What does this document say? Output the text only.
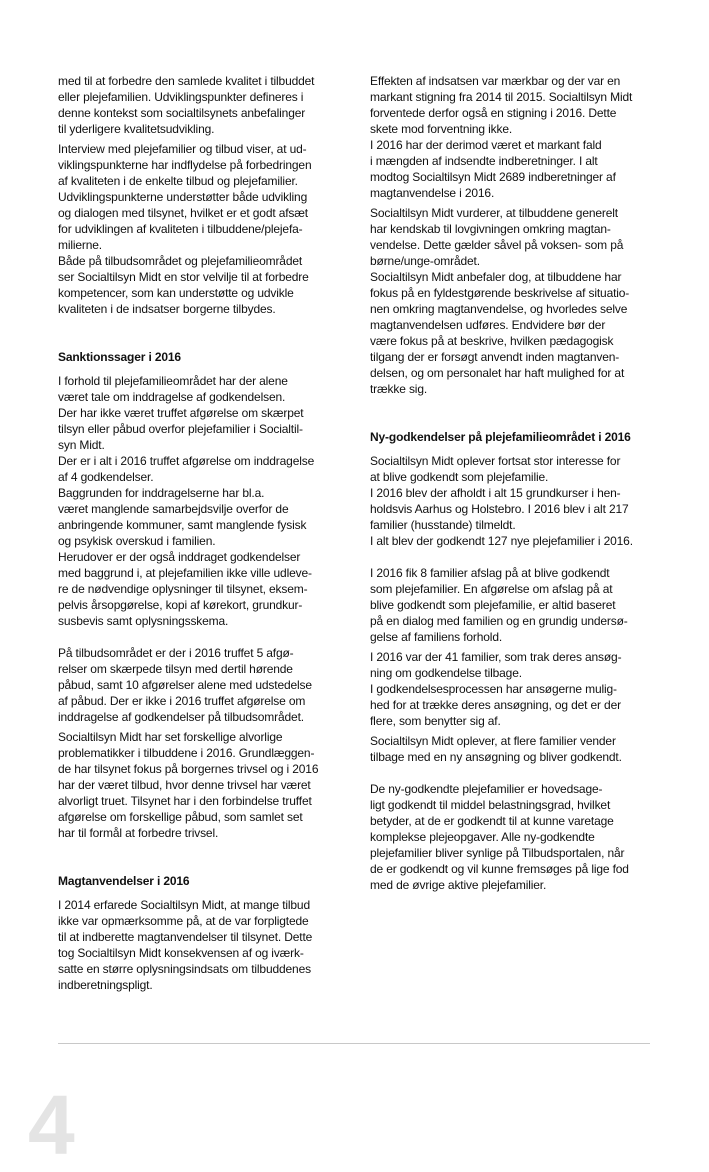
med til at forbedre den samlede kvalitet i tilbuddet
eller plejefamilien. Udviklingspunkter defineres i
denne kontekst som socialtilsynets anbefalinger
til yderligere kvalitetsudvikling.
Interview med plejefamilier og tilbud viser, at ud-
viklingspunkterne har indflydelse på forbedringen
af kvaliteten i de enkelte tilbud og plejefamilier.
Udviklingspunkterne understøtter både udvikling
og dialogen med tilsynet, hvilket er et godt afsæt
for udviklingen af kvaliteten i tilbuddene/plejefa-
milierne.
Både på tilbudsområdet og plejefamilieområdet
ser Socialtilsyn Midt en stor velvilje til at forbedre
kompetencer, som kan understøtte og udvikle
kvaliteten i de indsatser borgerne tilbydes.
Sanktionssager i 2016
I forhold til plejefamilieområdet har der alene
været tale om inddragelse af godkendelsen.
Der har ikke været truffet afgørelse om skærpet
tilsyn eller påbud overfor plejefamilier i Socialtil-
syn Midt.
Der er i alt i 2016 truffet afgørelse om inddragelse
af 4 godkendelser.
Baggrunden for inddragelserne har bl.a.
været manglende samarbejdsvilje overfor de
anbringende kommuner, samt manglende fysisk
og psykisk overskud i familien.
Herudover er der også inddraget godkendelser
med baggrund i, at plejefamilien ikke ville udleve-
re de nødvendige oplysninger til tilsynet, eksem-
pelvis årsopgørelse, kopi af kørekort, grundkur-
susbevis samt oplysningsskema.
På tilbudsområdet er der i 2016 truffet 5 afgø-
relser om skærpede tilsyn med dertil hørende
påbud, samt 10 afgørelser alene med udstedelse
af påbud. Der er ikke i 2016 truffet afgørelse om
inddragelse af godkendelser på tilbudsområdet.
Socialtilsyn Midt har set forskellige alvorlige
problematikker i tilbuddene i 2016. Grundlæggen-
de har tilsynet fokus på borgernes trivsel og i 2016
har der været tilbud, hvor denne trivsel har været
alvorligt truet. Tilsynet har i den forbindelse truffet
afgørelse om forskellige påbud, som samlet set
har til formål at forbedre trivsel.
Magtanvendelser i 2016
I 2014 erfarede Socialtilsyn Midt, at mange tilbud
ikke var opmærksomme på, at de var forpligtede
til at indberette magtanvendelser til tilsynet. Dette
tog Socialtilsyn Midt konsekvensen af og iværk-
satte en større oplysningsindsats om tilbuddenes
indberetningspligt.
Effekten af indsatsen var mærkbar og der var en
markant stigning fra 2014 til 2015. Socialtilsyn Midt
forventede derfor også en stigning i 2016. Dette
skete mod forventning ikke.
I 2016 har der derimod været et markant fald
i mængden af indsendte indberetninger. I alt
modtog Socialtilsyn Midt 2689 indberetninger af
magtanvendelse i 2016.
Socialtilsyn Midt vurderer, at tilbuddene generelt
har kendskab til lovgivningen omkring magtan-
vendelse. Dette gælder såvel på voksen- som på
børne/unge-området.
Socialtilsyn Midt anbefaler dog, at tilbuddene har
fokus på en fyldestgørende beskrivelse af situatio-
nen omkring magtanvendelse, og hvorledes selve
magtanvendelsen udføres. Endvidere bør der
være fokus på at beskrive, hvilken pædagogisk
tilgang der er forsøgt anvendt inden magtanven-
delsen, og om personalet har haft mulighed for at
trække sig.
Ny-godkendelser på plejefamilieområdet i 2016
Socialtilsyn Midt oplever fortsat stor interesse for
at blive godkendt som plejefamilie.
I 2016 blev der afholdt i alt 15 grundkurser i hen-
holdsvis Aarhus og Holstebro. I 2016 blev i alt 217
familier (husstande) tilmeldt.
I alt blev der godkendt 127 nye plejefamilier i 2016.
I 2016 fik 8 familier afslag på at blive godkendt
som plejefamilier. En afgørelse om afslag på at
blive godkendt som plejefamilie, er altid baseret
på en dialog med familien og en grundig undersø-
gelse af familiens forhold.
I 2016 var der 41 familier, som trak deres ansøg-
ning om godkendelse tilbage.
I godkendelsesprocessen har ansøgerne mulig-
hed for at trække deres ansøgning, og det er der
flere, som benytter sig af.
Socialtilsyn Midt oplever, at flere familier vender
tilbage med en ny ansøgning og bliver godkendt.
De ny-godkendte plejefamilier er hovedsage-
ligt godkendt til middel belastningsgrad, hvilket
betyder, at de er godkendt til at kunne varetage
komplekse plejeopgaver. Alle ny-godkendte
plejefamilier bliver synlige på Tilbudsportalen, når
de er godkendt og vil kunne fremsøges på lige fod
med de øvrige aktive plejefamilier.
4
